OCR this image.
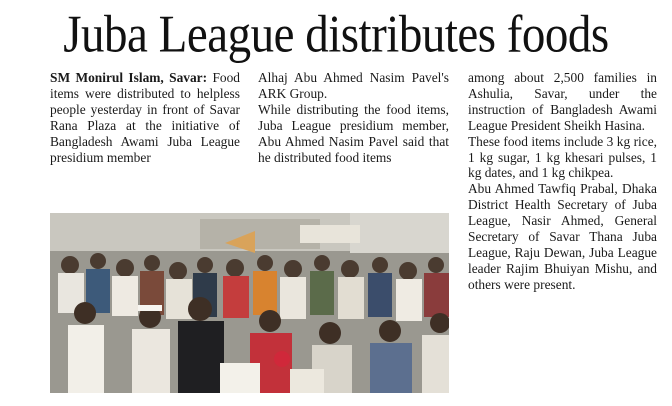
Juba League distributes foods

SM Monirul Islam, Savar: Food items were distributed to helpless people yesterday in front of Savar Rana Plaza at the initiative of Bangladesh Awami Juba League presidium member

Alhaj Abu Ahmed Nasim Pavel's ARK Group.

While distributing the food items, Juba League presidium member, Abu Ahmed Nasim Pavel said that he distributed food items

among about 2,500 families in Ashulia, Savar, under the instruction of Bangladesh Awami League President Sheikh Hasina.

These food items include 3 kg rice, 1 kg sugar, 1 kg khesari pulses, 1 kg dates, and 1 kg chikpea.

Abu Ahmed Tawfiq Prabal, Dhaka District Health Secretary of Juba League, Nasir Ahmed, General Secretary of Savar Thana Juba League, Raju Dewan, Juba League leader Rajim Bhuiyan Mishu, and others were present.
